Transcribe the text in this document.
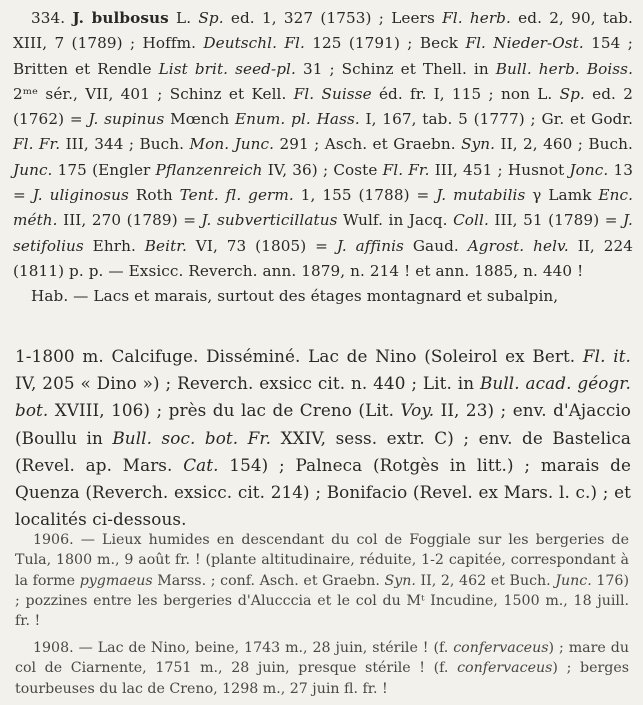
334. J. bulbosus L. Sp. ed. 1, 327 (1753) ; Leers Fl. herb. ed. 2, 90, tab. XIII, 7 (1789) ; Hoffm. Deutschl. Fl. 125 (1791) ; Beck Fl. Nieder-Ost. 154 ; Britten et Rendle List brit. seed-pl. 31 ; Schinz et Thell. in Bull. herb. Boiss. 2ᵐᵉ sér., VII, 401 ; Schinz et Kell. Fl. Suisse éd. fr. I, 115 ; non L. Sp. ed. 2 (1762) = J. supinus Mœnch Enum. pl. Hass. I, 167, tab. 5 (1777) ; Gr. et Godr. Fl. Fr. III, 344 ; Buch. Mon. Junc. 291 ; Asch. et Graebn. Syn. II, 2, 460 ; Buch. Junc. 175 (Engler Pflanzenreich IV, 36) ; Coste Fl. Fr. III, 451 ; Husnot Jonc. 13 = J. uliginosus Roth Tent. fl. germ. 1, 155 (1788) = J. mutabilis γ Lamk Enc. méth. III, 270 (1789) = J. subverticillatus Wulf. in Jacq. Coll. III, 51 (1789) = J. setifolius Ehrh. Beitr. VI, 73 (1805) = J. affinis Gaud. Agrost. helv. II, 224 (1811) p. p. — Exsicc. Reverch. ann. 1879, n. 214 ! et ann. 1885, n. 440 !

Hab. — Lacs et marais, surtout des étages montagnard et subalpin,

1-1800 m. Calcifuge. Disséminé. Lac de Nino (Soleirol ex Bert. Fl. it. IV, 205 « Dino ») ; Reverch. exsicc cit. n. 440 ; Lit. in Bull. acad. géogr. bot. XVIII, 106) ; près du lac de Creno (Lit. Voy. II, 23) ; env. d'Ajaccio (Boullu in Bull. soc. bot. Fr. XXIV, sess. extr. C) ; env. de Bastelica (Revel. ap. Mars. Cat. 154) ; Palneca (Rotgès in litt.) ; marais de Quenza (Reverch. exsicc. cit. 214) ; Bonifacio (Revel. ex Mars. l. c.) ; et localités ci-dessous.

1906. — Lieux humides en descendant du col de Foggiale sur les bergeries de Tula, 1800 m., 9 août fr. ! (plante altitudinaire, réduite, 1-2 capitée, correspondant à la forme pygmaeus Marss. ; conf. Asch. et Graebn. Syn. II, 2, 462 et Buch. Junc. 176) ; pozzines entre les bergeries d'Alucccia et le col du Mᵗ Incudine, 1500 m., 18 juill. fr. !

1908. — Lac de Nino, beine, 1743 m., 28 juin, stérile ! (f. confervaceus) ; mare du col de Ciarnente, 1751 m., 28 juin, presque stérile ! (f. confervaceus) ; berges tourbeuses du lac de Creno, 1298 m., 27 juin fl. fr. !
